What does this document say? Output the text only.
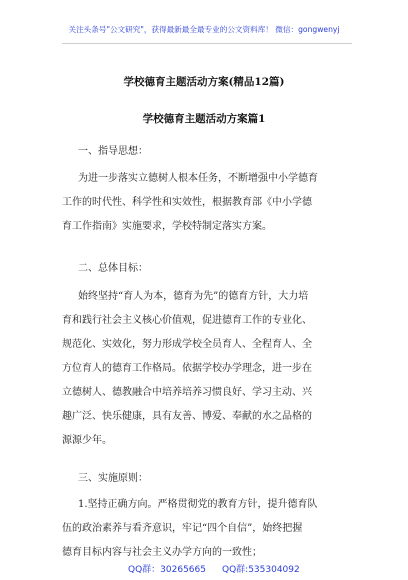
关注头条号"公文研究"，获得最新最全最专业的公文资料库！ 微信：gongwenyj
学校德育主题活动方案(精品12篇)
学校德育主题活动方案篇1
一、指导思想：
为进一步落实立德树人根本任务，不断增强中小学德育
工作的时代性、科学性和实效性，根据教育部《中小学德
育工作指南》实施要求，学校特制定落实方案。
二、总体目标：
始终坚持“育人为本，德育为先”的德育方针，大力培
育和践行社会主义核心价值观，促进德育工作的专业化、
规范化、实效化，努力形成学校全员育人、全程育人、全
方位育人的德育工作格局。依据学校办学理念，进一步在
立德树人、德教融合中培养培养习惯良好、学习主动、兴
趣广泛、快乐健康，具有友善、博爱、奉献的水之品格的
源源少年。
三、实施原则：
1.坚持正确方向。严格贯彻党的教育方针，提升德育队
伍的政治素养与看齐意识，牢记“四个自信”，始终把握
德育目标内容与社会主义办学方向的一致性；
QQ群：30265665 QQ群:535304092
